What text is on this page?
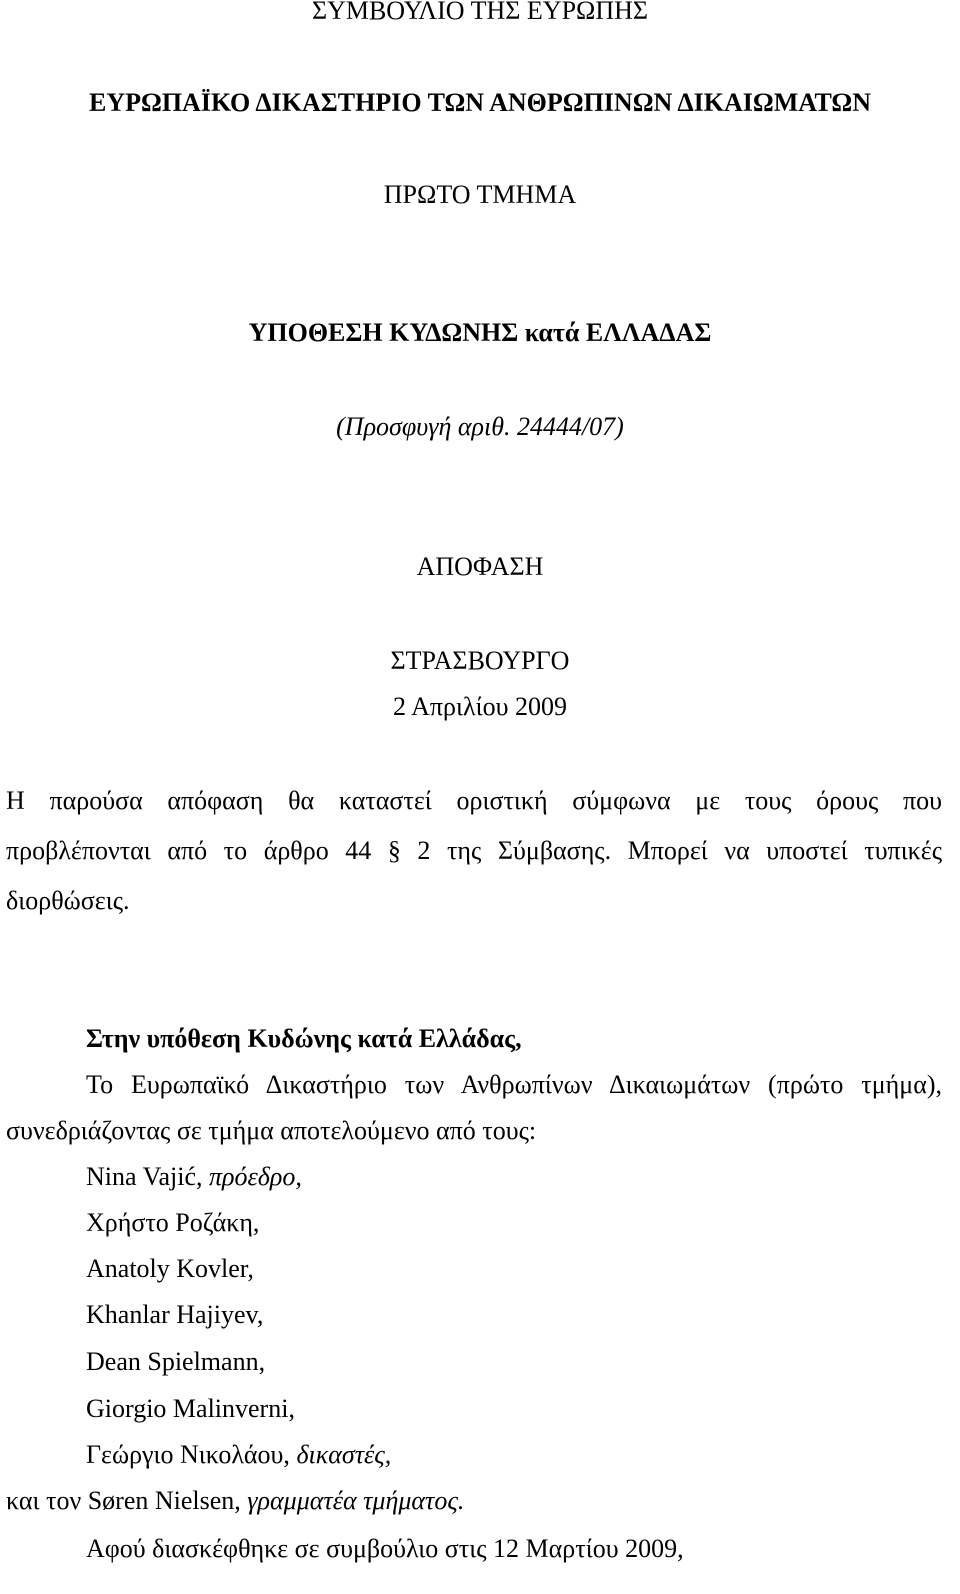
ΣΥΜΒΟΥΛΙΟ ΤΗΣ ΕΥΡΩΠΗΣ
ΕΥΡΩΠΑΪΚΟ ΔΙΚΑΣΤΗΡΙΟ ΤΩΝ ΑΝΘΡΩΠΙΝΩΝ ΔΙΚΑΙΩΜΑΤΩΝ
ΠΡΩΤΟ ΤΜΗΜΑ
ΥΠΟΘΕΣΗ ΚΥΔΩΝΗΣ κατά ΕΛΛΑΔΑΣ
(Προσφυγή αριθ. 24444/07)
ΑΠΟΦΑΣΗ
ΣΤΡΑΣΒΟΥΡΓΟ
2 Απριλίου 2009
Η παρούσα απόφαση θα καταστεί οριστική σύμφωνα με τους όρους που
προβλέπονται από το άρθρο 44 § 2 της Σύμβασης. Μπορεί να υποστεί τυπικές
διορθώσεις.
Στην υπόθεση Κυδώνης κατά Ελλάδας,
Το Ευρωπαϊκό Δικαστήριο των Ανθρωπίνων Δικαιωμάτων (πρώτο τμήμα),
συνεδριάζοντας σε τμήμα αποτελούμενο από τους:
Nina Vajić, πρόεδρο,
Χρήστο Ροζάκη,
Anatoly Kovler,
Khanlar Hajiyev,
Dean Spielmann,
Giorgio Malinverni,
Γεώργιο Νικολάου, δικαστές,
και τον Søren Nielsen, γραμματέα τμήματος.
Αφού διασκέφθηκε σε συμβούλιο στις 12 Μαρτίου 2009,
